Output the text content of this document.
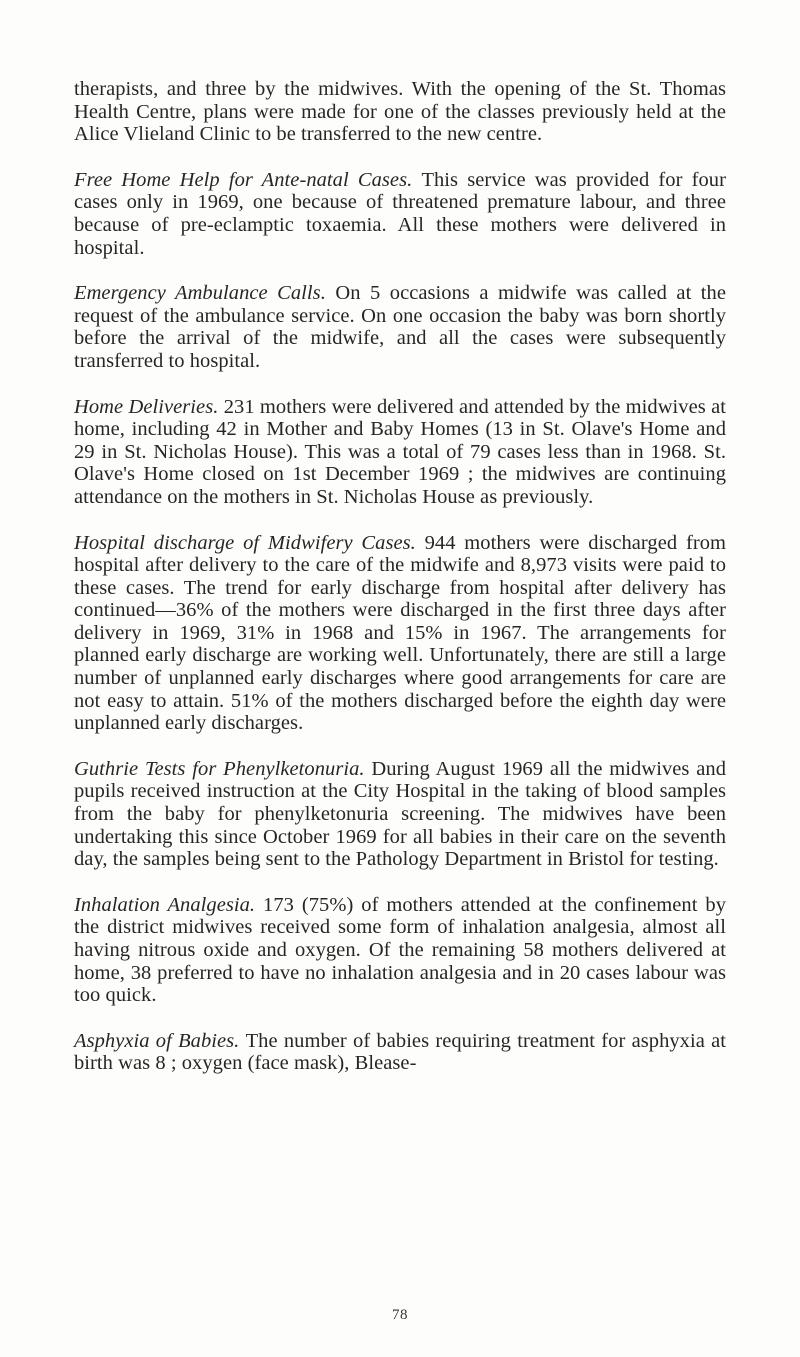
therapists, and three by the midwives. With the opening of the St. Thomas Health Centre, plans were made for one of the classes previously held at the Alice Vlieland Clinic to be transferred to the new centre.

Free Home Help for Ante-natal Cases. This service was provided for four cases only in 1969, one because of threatened premature labour, and three because of pre-eclamptic toxaemia. All these mothers were delivered in hospital.

Emergency Ambulance Calls. On 5 occasions a midwife was called at the request of the ambulance service. On one occasion the baby was born shortly before the arrival of the midwife, and all the cases were subsequently transferred to hospital.

Home Deliveries. 231 mothers were delivered and attended by the midwives at home, including 42 in Mother and Baby Homes (13 in St. Olave's Home and 29 in St. Nicholas House). This was a total of 79 cases less than in 1968. St. Olave's Home closed on 1st December 1969 ; the midwives are continuing attendance on the mothers in St. Nicholas House as previously.

Hospital discharge of Midwifery Cases. 944 mothers were discharged from hospital after delivery to the care of the midwife and 8,973 visits were paid to these cases. The trend for early discharge from hospital after delivery has continued—36% of the mothers were discharged in the first three days after delivery in 1969, 31% in 1968 and 15% in 1967. The arrangements for planned early discharge are working well. Unfortunately, there are still a large number of unplanned early discharges where good arrangements for care are not easy to attain. 51% of the mothers discharged before the eighth day were unplanned early discharges.

Guthrie Tests for Phenylketonuria. During August 1969 all the midwives and pupils received instruction at the City Hospital in the taking of blood samples from the baby for phenylketonuria screening. The midwives have been undertaking this since October 1969 for all babies in their care on the seventh day, the samples being sent to the Pathology Department in Bristol for testing.

Inhalation Analgesia. 173 (75%) of mothers attended at the confinement by the district midwives received some form of inhalation analgesia, almost all having nitrous oxide and oxygen. Of the remaining 58 mothers delivered at home, 38 preferred to have no inhalation analgesia and in 20 cases labour was too quick.

Asphyxia of Babies. The number of babies requiring treatment for asphyxia at birth was 8 ; oxygen (face mask), Blease-

78
